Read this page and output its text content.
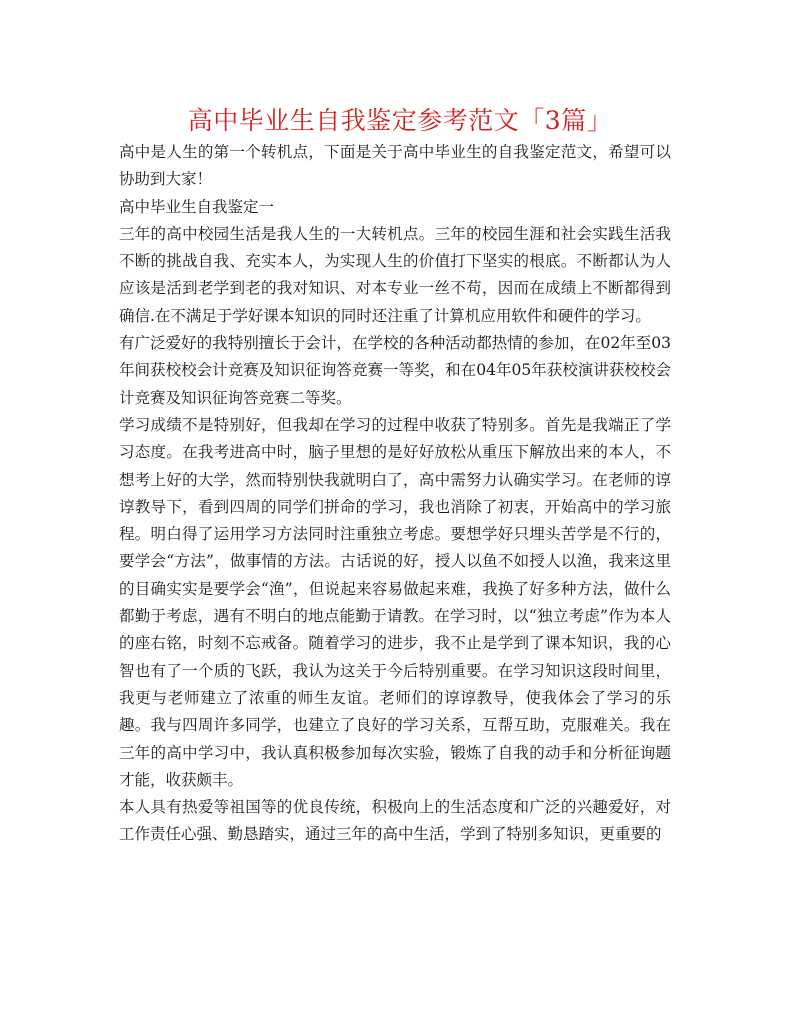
高中毕业生自我鉴定参考范文「3篇」

高中是人生的第一个转机点，下面是关于高中毕业生的自我鉴定范文，希望可以协助到大家！

高中毕业生自我鉴定一

三年的高中校园生活是我人生的一大转机点。三年的校园生涯和社会实践生活我不断的挑战自我、充实本人，为实现人生的价值打下坚实的根底。不断都认为人应该是活到老学到老的我对知识、对本专业一丝不苟，因而在成绩上不断都得到确信.在不满足于学好课本知识的同时还注重了计算机应用软件和硬件的学习。

有广泛爱好的我特别擅长于会计，在学校的各种活动都热情的参加，在02年至03年间获校校会计竞赛及知识征询答竞赛一等奖，和在04年05年获校演讲获校校会计竞赛及知识征询答竞赛二等奖。

学习成绩不是特别好，但我却在学习的过程中收获了特别多。首先是我端正了学习态度。在我考进高中时，脑子里想的是好好放松从重压下解放出来的本人，不想考上好的大学，然而特别快我就明白了，高中需努力认确实学习。在老师的谆谆教导下，看到四周的同学们拼命的学习，我也消除了初衷，开始高中的学习旅程。明白得了运用学习方法同时注重独立考虑。要想学好只埋头苦学是不行的，要学会“方法”，做事情的方法。古话说的好，授人以鱼不如授人以渔，我来这里的目确实实是要学会“渔”，但说起来容易做起来难，我换了好多种方法，做什么都勤于考虑，遇有不明白的地点能勤于请教。在学习时，以“独立考虑”作为本人的座右铭，时刻不忘戒备。随着学习的进步，我不止是学到了课本知识，我的心智也有了一个质的飞跃，我认为这关于今后特别重要。在学习知识这段时间里，我更与老师建立了浓重的师生友谊。老师们的谆谆教导，使我体会了学习的乐趣。我与四周许多同学，也建立了良好的学习关系，互帮互助，克服难关。我在三年的高中学习中，我认真积极参加每次实验，锻炼了自我的动手和分析征询题才能，收获颇丰。

本人具有热爱等祖国等的优良传统，积极向上的生活态度和广泛的兴趣爱好，对工作责任心强、勤恳踏实，通过三年的高中生活，学到了特别多知识，更重要的
